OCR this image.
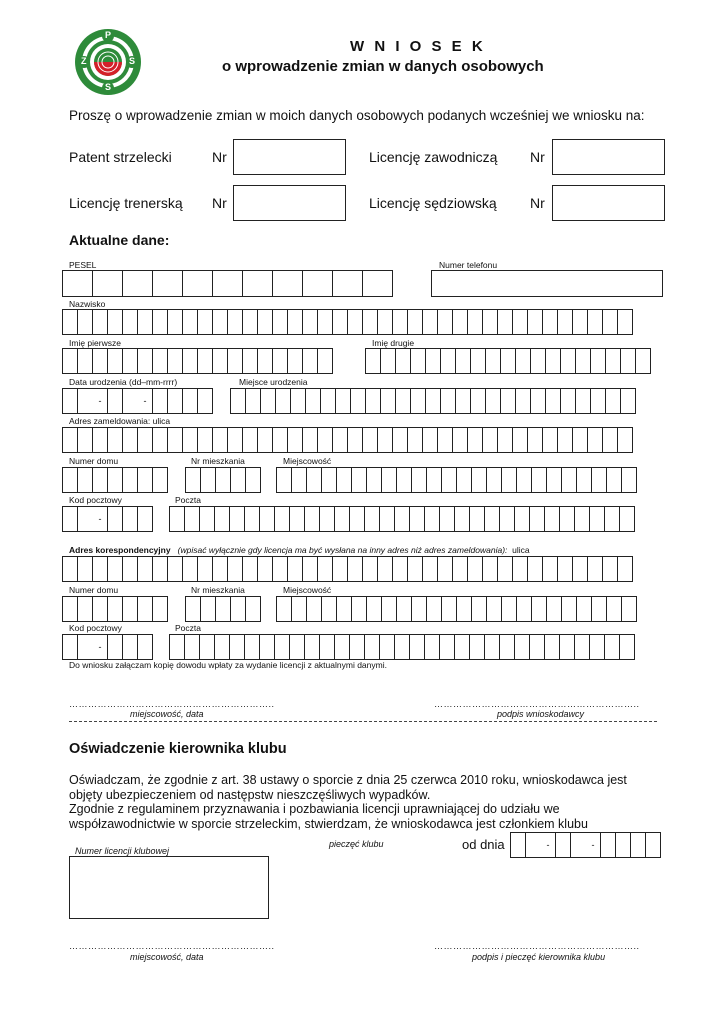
P
Z	S
S
W N I O S E K
o wprowadzenie zmian w danych osobowych
Proszę o wprowadzenie zmian w moich danych osobowych podanych wcześniej we wniosku na:
Patent strzelecki	Nr	Licencję zawodniczą Nr
Licencję trenerską Nr	Licencję sędziowską Nr
Aktualne dane:
PESEL	Numer telefonu
Nazwisko
Imię pierwsze	Imię drugie
Data urodzenia (dd–mm-rrrr)	Miejsce urodzenia
-
-
Adres zameldowania: ulica
Numer domu	Nr mieszkania	Miejscowość
Kod pocztowy	Poczta
-
Adres korespondencyjny (wpisać wyłącznie gdy licencja ma być wysłana na inny adres niż adres zameldowania): ulica
Numer domu	Nr mieszkania	Miejscowość
Kod pocztowy	Poczta
-
Do wniosku załączam kopię dowodu wpłaty za wydanie licencji z aktualnymi danymi.
………………………………………………………..	………………………………………………………..
miejscowość, data	podpis wnioskodawcy
Oświadczenie kierownika klubu
Oświadczam, że zgodnie z art. 38 ustawy o sporcie z dnia 25 czerwca 2010 roku, wnioskodawca jest objęty ubezpieczeniem od następstw nieszczęśliwych wypadków.
Zgodnie z regulaminem przyznawania i pozbawiania licencji uprawniającej do udziału we współzawodnictwie w sporcie strzeleckim, stwierdzam, że wnioskodawca jest członkiem klubu
Numer licencji klubowej
pieczęć klubu	od dnia
-
-
………………………………………………………..	………………………………………………………..
miejscowość, data	podpis i pieczęć kierownika klubu
